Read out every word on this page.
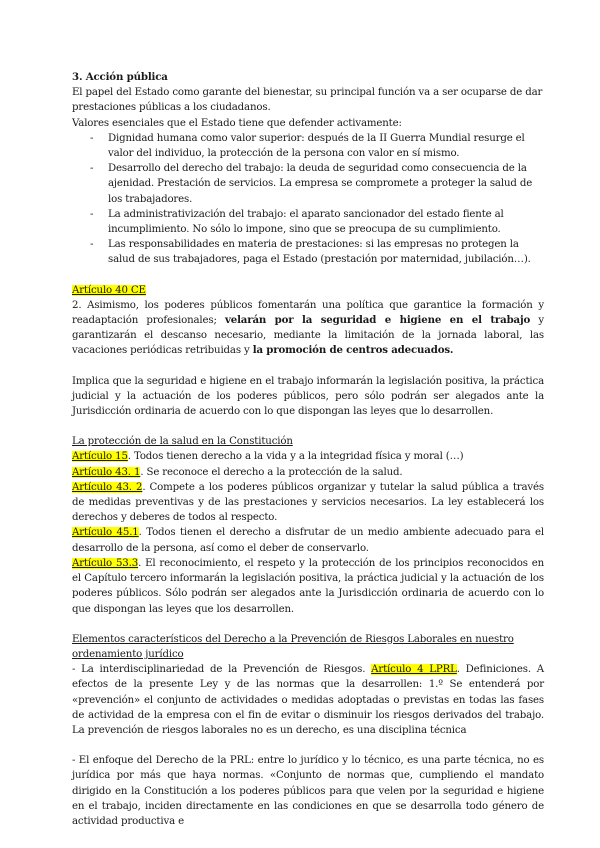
3. Acción pública

El papel del Estado como garante del bienestar, su principal función va a ser ocuparse de dar prestaciones públicas a los ciudadanos.

Valores esenciales que el Estado tiene que defender activamente:

- Dignidad humana como valor superior: después de la II Guerra Mundial resurge el valor del individuo, la protección de la persona con valor en sí mismo.
- Desarrollo del derecho del trabajo: la deuda de seguridad como consecuencia de la ajenidad. Prestación de servicios. La empresa se compromete a proteger la salud de los trabajadores.
- La administrativización del trabajo: el aparato sancionador del estado fiente al incumplimiento. No sólo lo impone, sino que se preocupa de su cumplimiento.
- Las responsabilidades en materia de prestaciones: si las empresas no protegen la salud de sus trabajadores, paga el Estado (prestación por maternidad, jubilación…).

Artículo 40 CE

2. Asimismo, los poderes públicos fomentarán una política que garantice la formación y readaptación profesionales; velarán por la seguridad e higiene en el trabajo y garantizarán el descanso necesario, mediante la limitación de la jornada laboral, las vacaciones periódicas retribuidas y la promoción de centros adecuados.

Implica que la seguridad e higiene en el trabajo informarán la legislación positiva, la práctica judicial y la actuación de los poderes públicos, pero sólo podrán ser alegados ante la Jurisdicción ordinaria de acuerdo con lo que dispongan las leyes que lo desarrollen.

La protección de la salud en la Constitución

Artículo 15. Todos tienen derecho a la vida y a la integridad física y moral (…)

Artículo 43. 1. Se reconoce el derecho a la protección de la salud.

Artículo 43. 2. Compete a los poderes públicos organizar y tutelar la salud pública a través de medidas preventivas y de las prestaciones y servicios necesarios. La ley establecerá los derechos y deberes de todos al respecto.

Artículo 45.1. Todos tienen el derecho a disfrutar de un medio ambiente adecuado para el desarrollo de la persona, así como el deber de conservarlo.

Artículo 53.3. El reconocimiento, el respeto y la protección de los principios reconocidos en el Capítulo tercero informarán la legislación positiva, la práctica judicial y la actuación de los poderes públicos. Sólo podrán ser alegados ante la Jurisdicción ordinaria de acuerdo con lo que dispongan las leyes que los desarrollen.

Elementos característicos del Derecho a la Prevención de Riesgos Laborales en nuestro ordenamiento jurídico

- La interdisciplinariedad de la Prevención de Riesgos. Artículo 4 LPRL. Definiciones. A efectos de la presente Ley y de las normas que la desarrollen: 1.º Se entenderá por «prevención» el conjunto de actividades o medidas adoptadas o previstas en todas las fases de actividad de la empresa con el fin de evitar o disminuir los riesgos derivados del trabajo. La prevención de riesgos laborales no es un derecho, es una disciplina técnica

- El enfoque del Derecho de la PRL: entre lo jurídico y lo técnico, es una parte técnica, no es jurídica por más que haya normas. «Conjunto de normas que, cumpliendo el mandato dirigido en la Constitución a los poderes públicos para que velen por la seguridad e higiene en el trabajo, inciden directamente en las condiciones en que se desarrolla todo género de actividad productiva e
